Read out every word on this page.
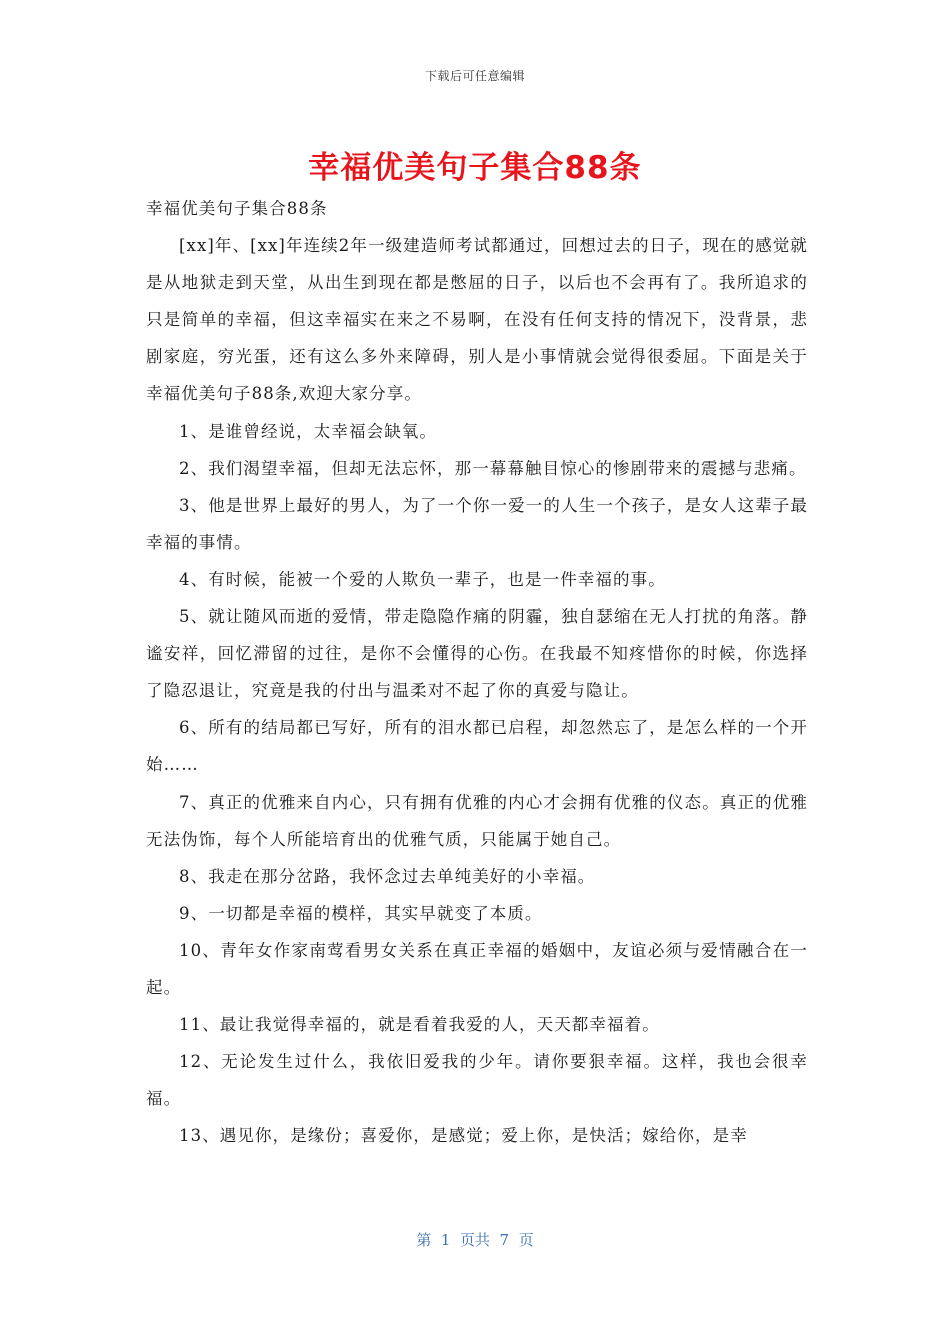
下载后可任意编辑
幸福优美句子集合88条

幸福优美句子集合88条

[xx]年、[xx]年连续2年一级建造师考试都通过，回想过去的日子，现在的感觉就是从地狱走到天堂，从出生到现在都是憋屈的日子，以后也不会再有了。我所追求的只是简单的幸福，但这幸福实在来之不易啊，在没有任何支持的情况下，没背景，悲剧家庭，穷光蛋，还有这么多外来障碍，别人是小事情就会觉得很委屈。下面是关于幸福优美句子88条,欢迎大家分享。

1、是谁曾经说，太幸福会缺氧。

2、我们渴望幸福，但却无法忘怀，那一幕幕触目惊心的惨剧带来的震撼与悲痛。

3、他是世界上最好的男人，为了一个你一爱一的人生一个孩子，是女人这辈子最幸福的事情。

4、有时候，能被一个爱的人欺负一辈子，也是一件幸福的事。

5、就让随风而逝的爱情，带走隐隐作痛的阴霾，独自瑟缩在无人打扰的角落。静谧安祥，回忆滞留的过往，是你不会懂得的心伤。在我最不知疼惜你的时候，你选择了隐忍退让，究竟是我的付出与温柔对不起了你的真爱与隐让。

6、所有的结局都已写好，所有的泪水都已启程，却忽然忘了，是怎么样的一个开始……

7、真正的优雅来自内心，只有拥有优雅的内心才会拥有优雅的仪态。真正的优雅无法伪饰，每个人所能培育出的优雅气质，只能属于她自己。

8、我走在那分岔路，我怀念过去单纯美好的小幸福。

9、一切都是幸福的模样，其实早就变了本质。

10、青年女作家南莺看男女关系在真正幸福的婚姻中，友谊必须与爱情融合在一起。

11、最让我觉得幸福的，就是看着我爱的人，天天都幸福着。

12、无论发生过什么，我依旧爱我的少年。请你要狠幸福。这样，我也会很幸福。

13、遇见你，是缘份；喜爱你，是感觉；爱上你，是快活；嫁给你，是幸

第  1  页共  7  页
